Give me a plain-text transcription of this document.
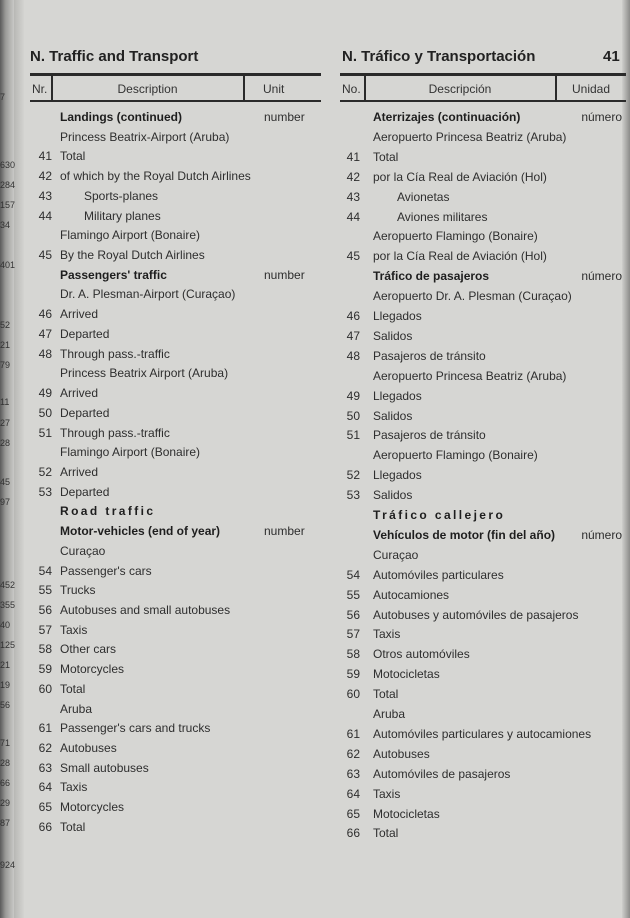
7
630
284
157
34
401
52
21
79
11
27
28
45
97
452
355
40
125
21
19
56
71
28
66
29
87
924
N. Traffic and Transport	N. Tráfico y Transportación	41
Nr.	Description	Unit	No.	Descripción	Unidad
Landings (continued)	number	Aterrizajes (continuación)	número
Princess Beatrix-Airport (Aruba)	Aeropuerto Princesa Beatriz (Aruba)
41 Total	41 Total
42 of which by the Royal Dutch Airlines	42 por la Cía Real de Aviación (Hol)
43	Sports-planes	43	Avionetas
44	Military planes	44	Aviones militares
Flamingo Airport (Bonaire)	Aeropuerto Flamingo (Bonaire)
45 By the Royal Dutch Airlines	45 por la Cía Real de Aviación (Hol)
Passengers' traffic	number	Tráfico de pasajeros	número
Dr. A. Plesman-Airport (Curaçao)	Aeropuerto Dr. A. Plesman (Curaçao)
46 Arrived	46 Llegados
47 Departed	47 Salidos
48 Through pass.-traffic	48 Pasajeros de tránsito
Princess Beatrix Airport (Aruba)	Aeropuerto Princesa Beatriz (Aruba)
49 Arrived	49 Llegados
50 Departed	50 Salidos
51 Through pass.-traffic	51 Pasajeros de tránsito
Flamingo Airport (Bonaire)	Aeropuerto Flamingo (Bonaire)
52 Arrived	52 Llegados
53 Departed	53 Salidos
Road traffic	Tráfico callejero
Motor-vehicles (end of year)	number	Vehículos de motor (fin del año) número
Curaçao	Curaçao
54 Passenger's cars	54 Automóviles particulares
55 Trucks	55 Autocamiones
56 Autobuses and small autobuses	56 Autobuses y automóviles de pasajeros
57 Taxis	57 Taxis
58 Other cars	58 Otros automóviles
59 Motorcycles	59 Motocicletas
60 Total	60 Total
Aruba	Aruba
61 Passenger's cars and trucks	61 Automóviles particulares y autocamiones
62 Autobuses	62 Autobuses
63 Small autobuses	63 Automóviles de pasajeros
64 Taxis	64 Taxis
65 Motorcycles	65 Motocicletas
66 Total	66 Total
